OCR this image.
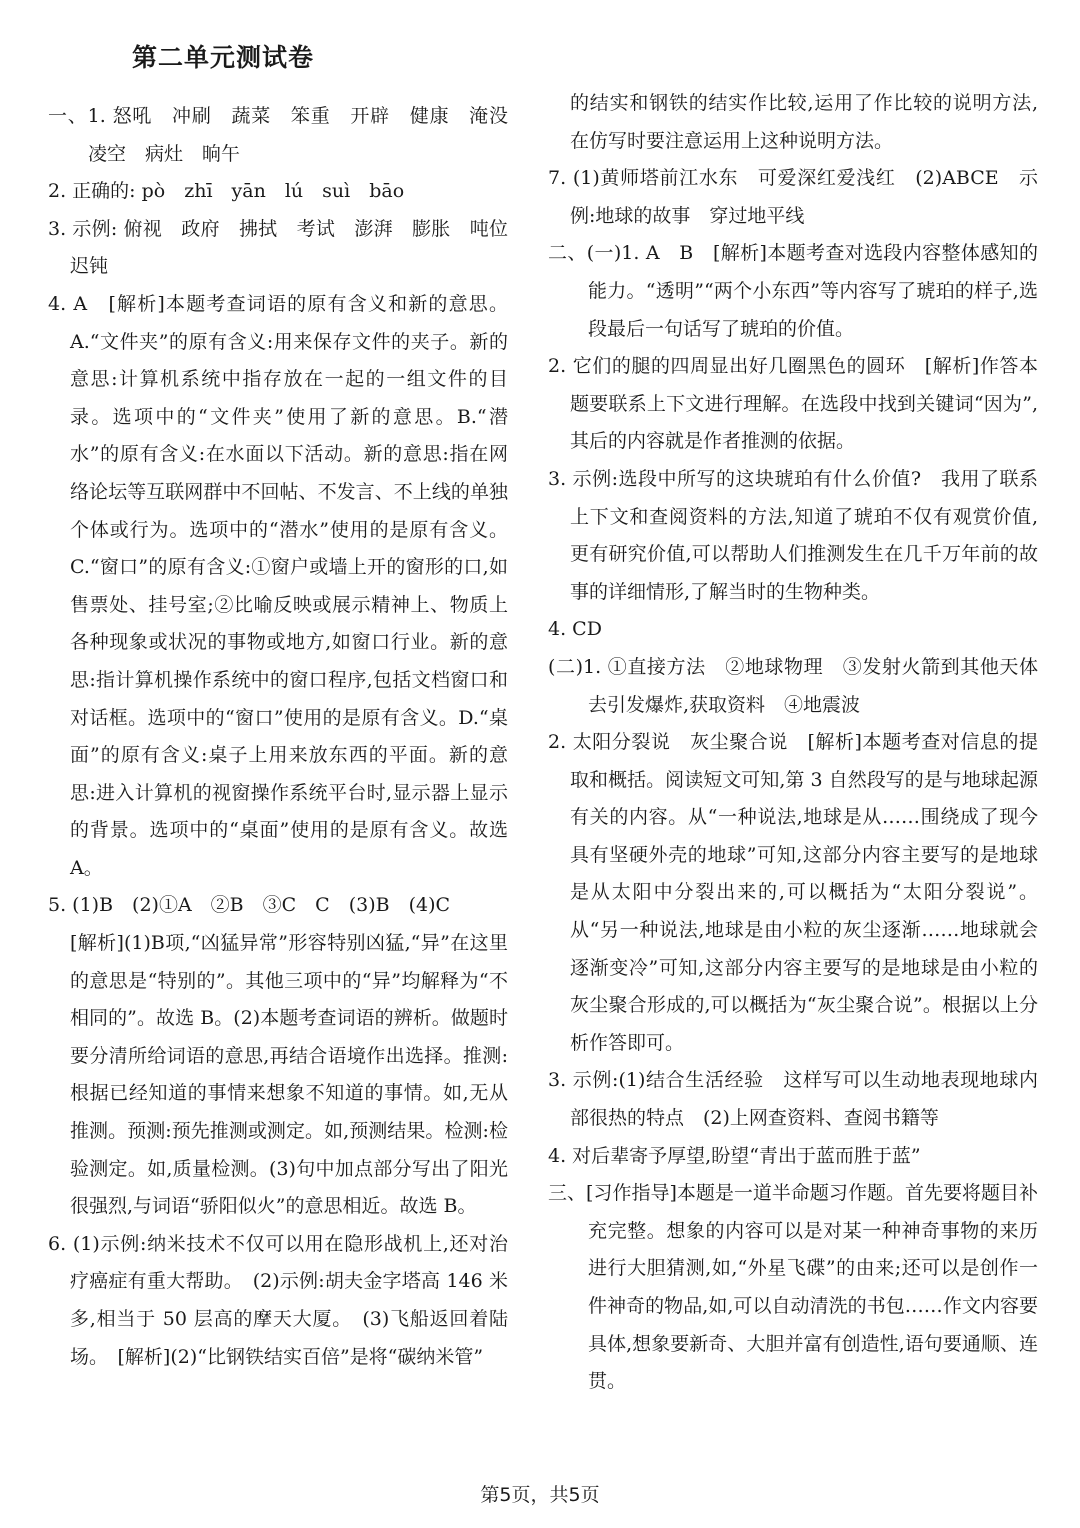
第二单元测试卷

一、1. 怒吼　冲刷　蔬菜　笨重　开辟　健康　淹没　凌空　病灶　晌午

2. 正确的: pò　zhī　yān　lú　suì　bāo

3. 示例: 俯视　政府　拂拭　考试　澎湃　膨胀　吨位　迟钝

4. A　[解析]本题考查词语的原有含义和新的意思。A.“文件夹”的原有含义:用来保存文件的夹子。新的意思:计算机系统中指存放在一起的一组文件的目录。选项中的“文件夹”使用了新的意思。B.“潜水”的原有含义:在水面以下活动。新的意思:指在网络论坛等互联网群中不回帖、不发言、不上线的单独个体或行为。选项中的“潜水”使用的是原有含义。C.“窗口”的原有含义:①窗户或墙上开的窗形的口,如售票处、挂号室;②比喻反映或展示精神上、物质上各种现象或状况的事物或地方,如窗口行业。新的意思:指计算机操作系统中的窗口程序,包括文档窗口和对话框。选项中的“窗口”使用的是原有含义。D.“桌面”的原有含义:桌子上用来放东西的平面。新的意思:进入计算机的视窗操作系统平台时,显示器上显示的背景。选项中的“桌面”使用的是原有含义。故选 A。

5. (1)B　(2)①A　②B　③C　C　(3)B　(4)C

[解析](1)B项,“凶猛异常”形容特别凶猛,“异”在这里的意思是“特别的”。其他三项中的“异”均解释为“不相同的”。故选 B。(2)本题考查词语的辨析。做题时要分清所给词语的意思,再结合语境作出选择。推测:根据已经知道的事情来想象不知道的事情。如,无从推测。预测:预先推测或测定。如,预测结果。检测:检验测定。如,质量检测。(3)句中加点部分写出了阳光很强烈,与词语“骄阳似火”的意思相近。故选 B。

6. (1)示例:纳米技术不仅可以用在隐形战机上,还对治疗癌症有重大帮助。　(2)示例:胡夫金字塔高 146 米多,相当于 50 层高的摩天大厦。　(3)飞船返回着陆场。　[解析](2)“比钢铁结实百倍”是将“碳纳米管”

的结实和钢铁的结实作比较,运用了作比较的说明方法,在仿写时要注意运用上这种说明方法。

7. (1)黄师塔前江水东　可爱深红爱浅红　(2)ABCE　示例:地球的故事　穿过地平线

二、(一)1. A　B　[解析]本题考查对选段内容整体感知的能力。“透明”“两个小东西”等内容写了琥珀的样子,选段最后一句话写了琥珀的价值。

2. 它们的腿的四周显出好几圈黑色的圆环　[解析]作答本题要联系上下文进行理解。在选段中找到关键词“因为”,其后的内容就是作者推测的依据。

3. 示例:选段中所写的这块琥珀有什么价值?　我用了联系上下文和查阅资料的方法,知道了琥珀不仅有观赏价值,更有研究价值,可以帮助人们推测发生在几千万年前的故事的详细情形,了解当时的生物种类。

4. CD

(二)1. ①直接方法　②地球物理　③发射火箭到其他天体去引发爆炸,获取资料　④地震波

2. 太阳分裂说　灰尘聚合说　[解析]本题考查对信息的提取和概括。阅读短文可知,第 3 自然段写的是与地球起源有关的内容。从“一种说法,地球是从……围绕成了现今具有坚硬外壳的地球”可知,这部分内容主要写的是地球是从太阳中分裂出来的,可以概括为“太阳分裂说”。从“另一种说法,地球是由小粒的灰尘逐渐……地球就会逐渐变冷”可知,这部分内容主要写的是地球是由小粒的灰尘聚合形成的,可以概括为“灰尘聚合说”。根据以上分析作答即可。

3. 示例:(1)结合生活经验　这样写可以生动地表现地球内部很热的特点　(2)上网查资料、查阅书籍等

4. 对后辈寄予厚望,盼望“青出于蓝而胜于蓝”

三、[习作指导]本题是一道半命题习作题。首先要将题目补充完整。想象的内容可以是对某一种神奇事物的来历进行大胆猜测,如,“外星飞碟”的由来;还可以是创作一件神奇的物品,如,可以自动清洗的书包……作文内容要具体,想象要新奇、大胆并富有创造性,语句要通顺、连贯。

第5页，共5页
